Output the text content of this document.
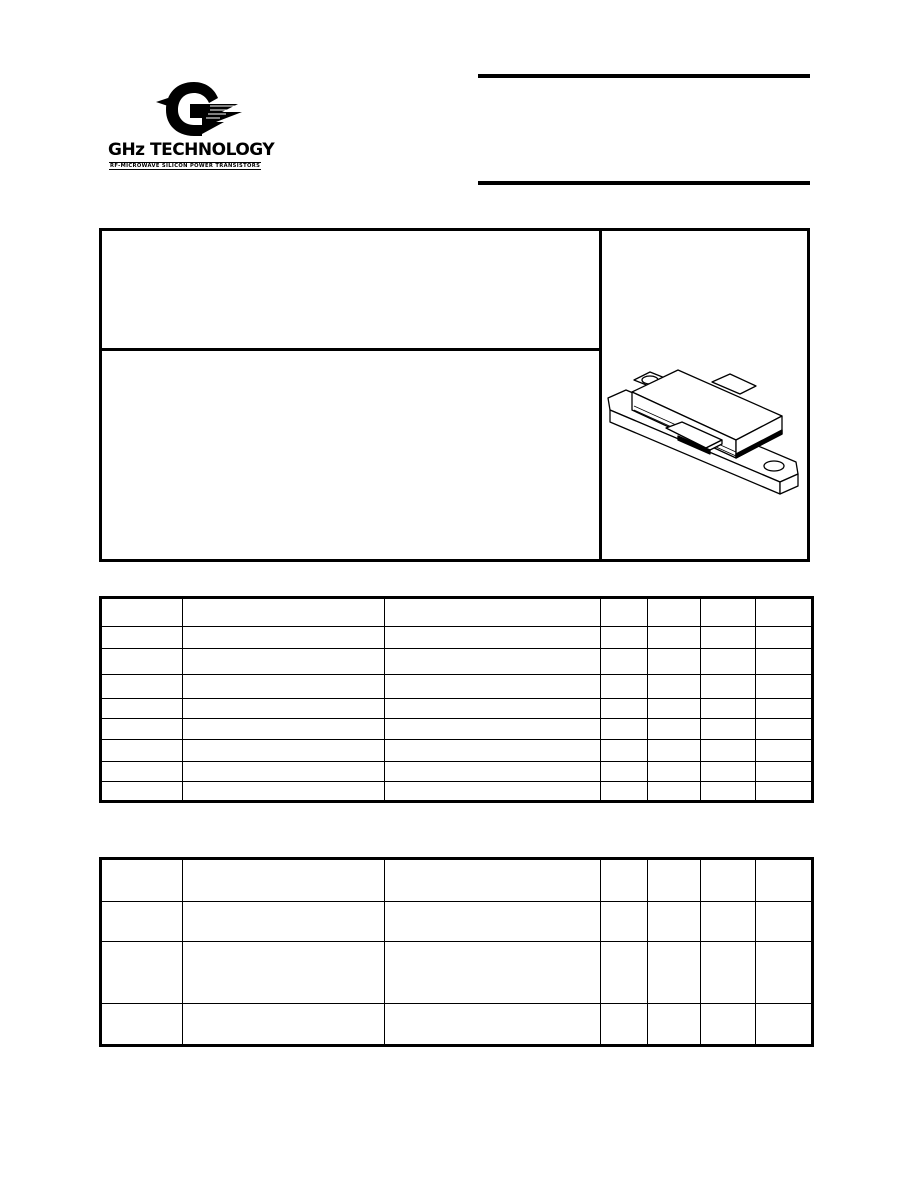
GHz TECHNOLOGY
RF-MICROWAVE SILICON POWER TRANSISTORS
